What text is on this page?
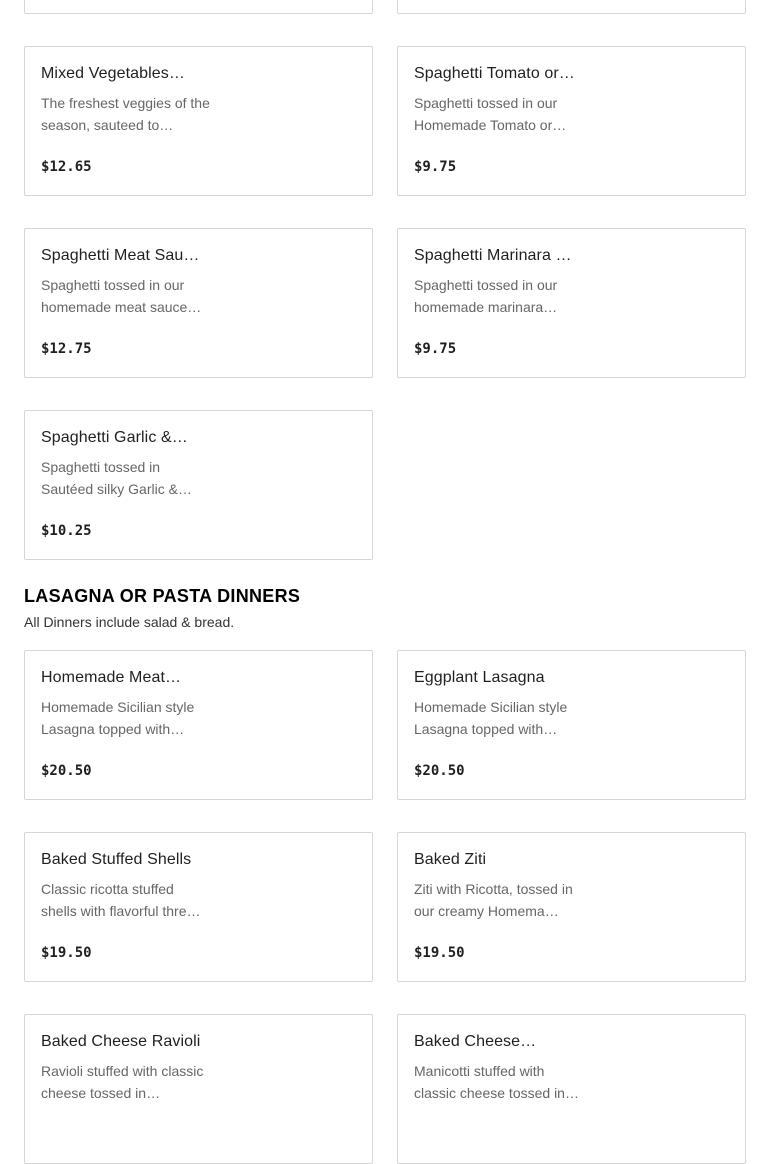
Mixed Vegetables…
The freshest veggies of the season, sauteed to…
$12.65
Spaghetti Tomato or…
Spaghetti tossed in our Homemade Tomato or…
$9.75
Spaghetti Meat Sau…
Spaghetti tossed in our homemade meat sauce…
$12.75
Spaghetti Marinara …
Spaghetti tossed in our homemade marinara…
$9.75
Spaghetti Garlic &…
Spaghetti tossed in Sautéed silky Garlic &…
$10.25
LASAGNA OR PASTA DINNERS
All Dinners include salad & bread.
Homemade Meat…
Homemade Sicilian style Lasagna topped with…
$20.50
Eggplant Lasagna
Homemade Sicilian style Lasagna topped with…
$20.50
Baked Stuffed Shells
Classic ricotta stuffed shells with flavorful thre…
$19.50
Baked Ziti
Ziti with Ricotta, tossed in our creamy Homema…
$19.50
Baked Cheese Ravioli
Ravioli stuffed with classic cheese tossed in…
Baked Cheese…
Manicotti stuffed with classic cheese tossed in…
